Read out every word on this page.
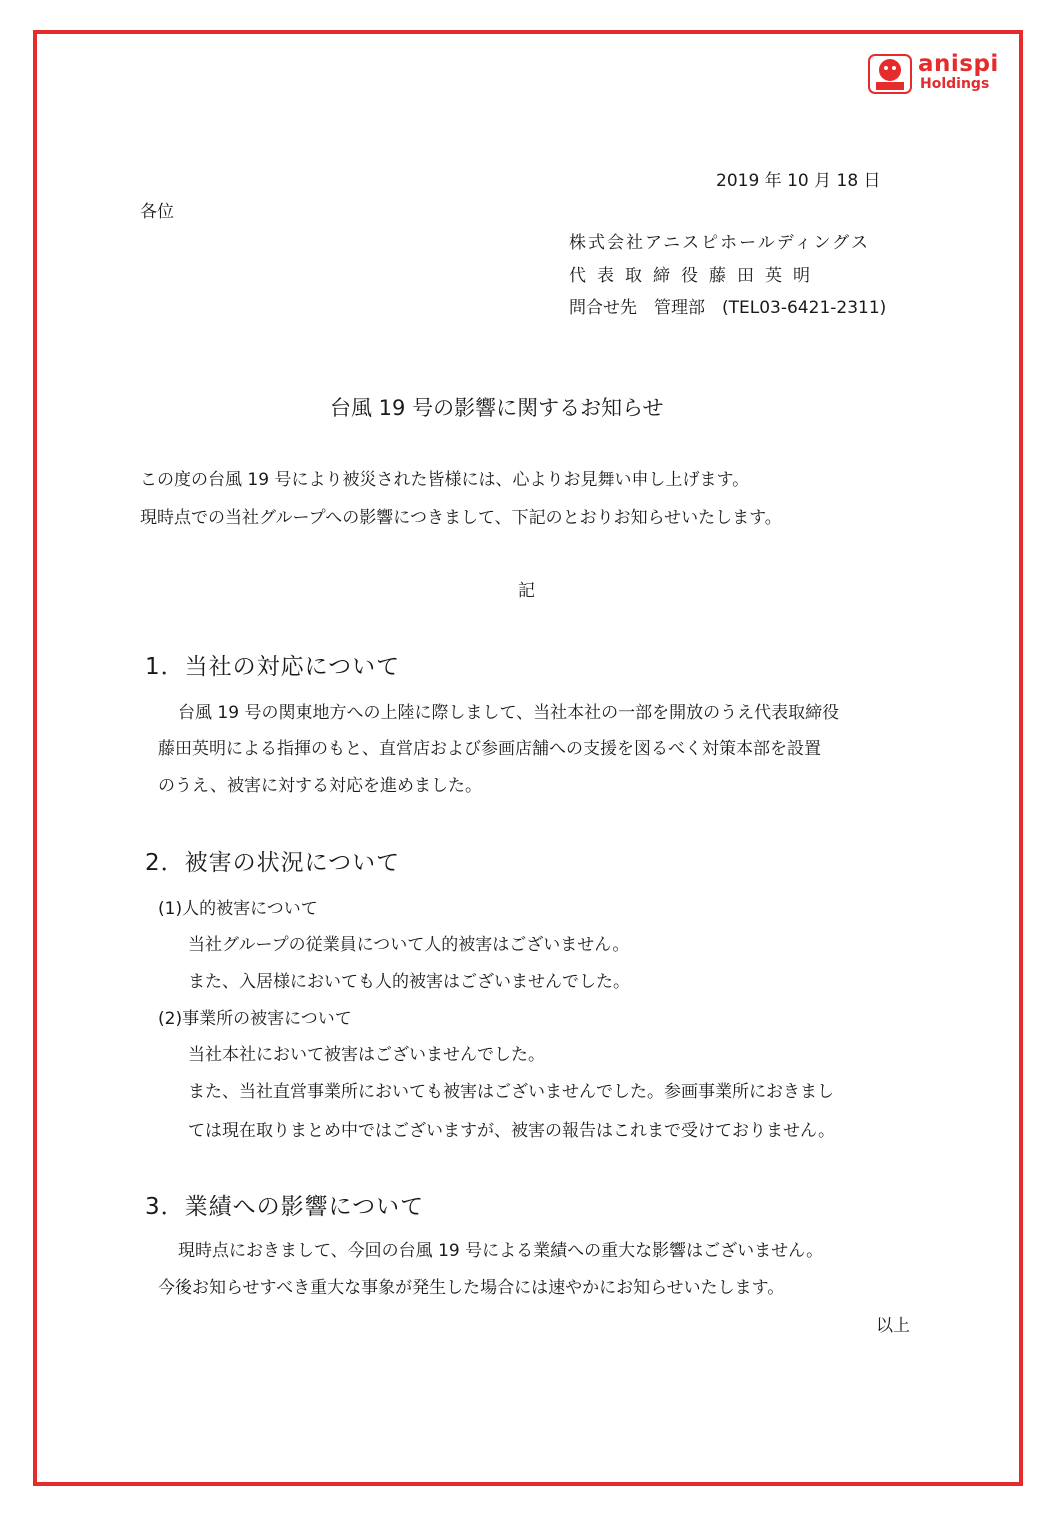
anispi
Holdings
2019 年 10 月 18 日
各位
株式会社アニスピホールディングス
代表取締役藤田英明
問合せ先　管理部　(TEL03-6421-2311)
台風 19 号の影響に関するお知らせ
この度の台風 19 号により被災された皆様には、心よりお見舞い申し上げます。
現時点での当社グループへの影響につきまして、下記のとおりお知らせいたします。
記
1．当社の対応について
台風 19 号の関東地方への上陸に際しまして、当社本社の一部を開放のうえ代表取締役
藤田英明による指揮のもと、直営店および参画店舗への支援を図るべく対策本部を設置
のうえ、被害に対する対応を進めました。
2．被害の状況について
(1)人的被害について
当社グループの従業員について人的被害はございません。
また、入居様においても人的被害はございませんでした。
(2)事業所の被害について
当社本社において被害はございませんでした。
また、当社直営事業所においても被害はございませんでした。参画事業所におきまし
ては現在取りまとめ中ではございますが、被害の報告はこれまで受けておりません。
3．業績への影響について
現時点におきまして、今回の台風 19 号による業績への重大な影響はございません。
今後お知らせすべき重大な事象が発生した場合には速やかにお知らせいたします。
以上
